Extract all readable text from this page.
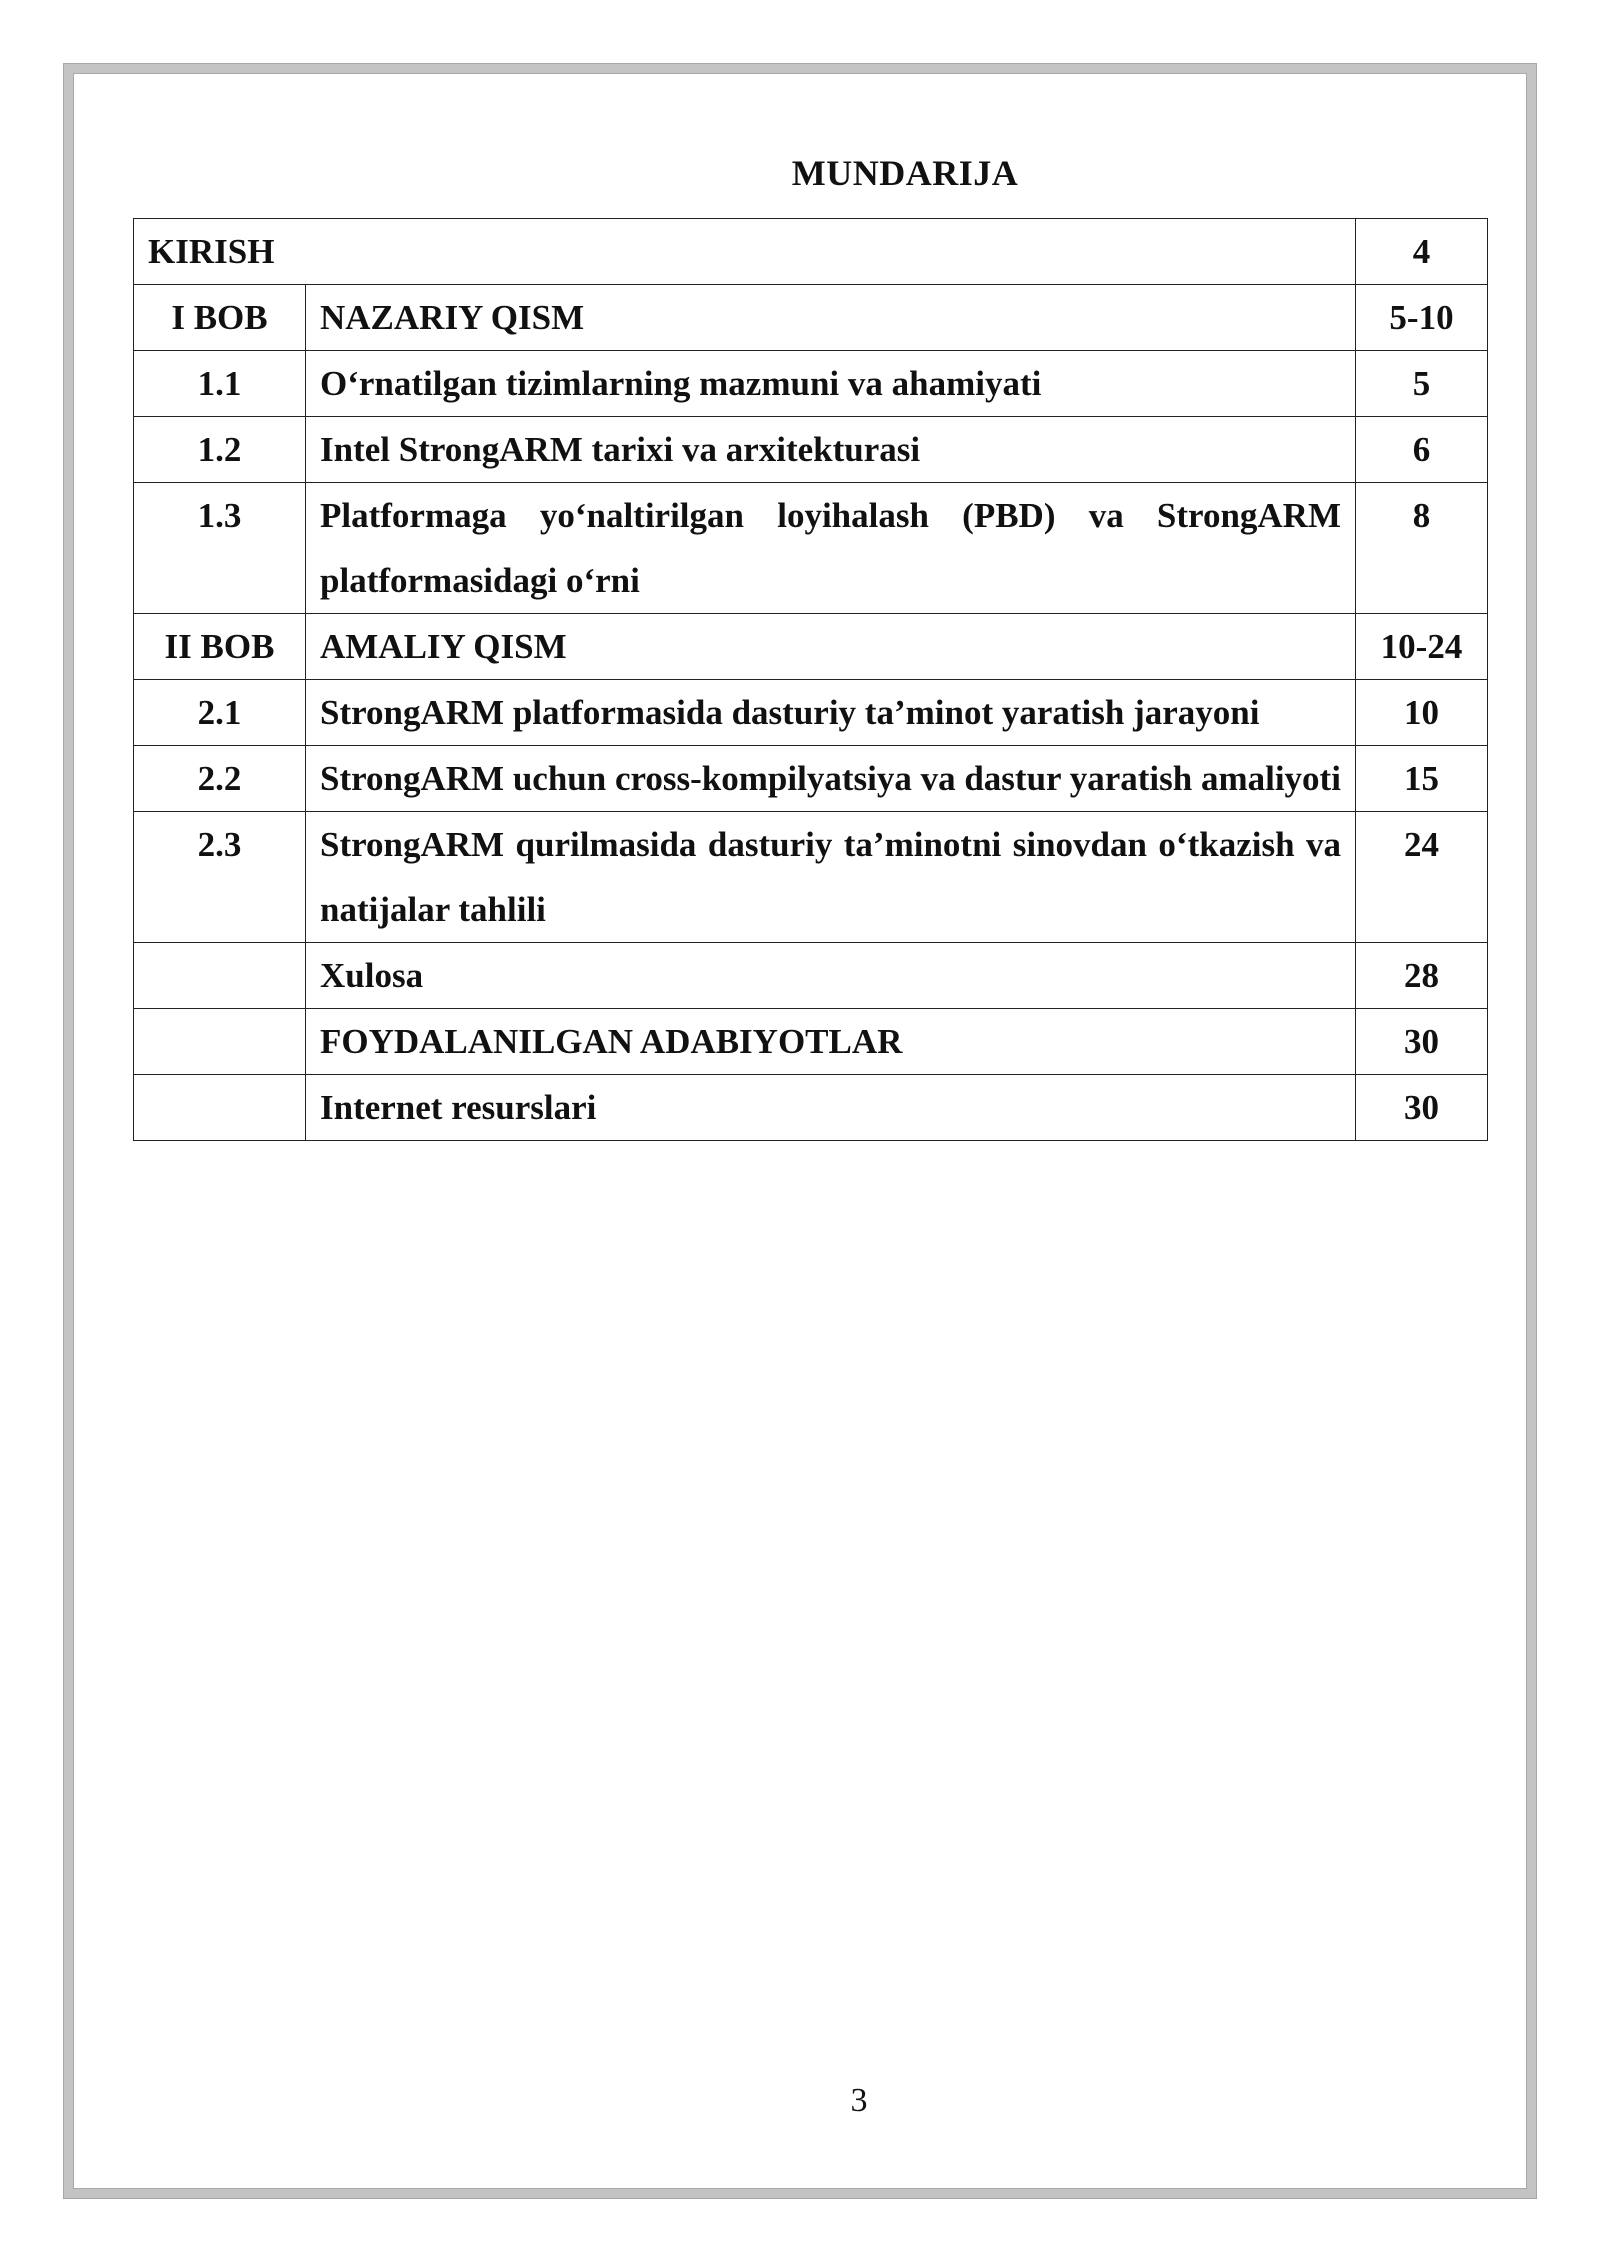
MUNDARIJA
KIRISH		4
I BOB	NAZARIY QISM	5-10
1.1	O‘rnatilgan tizimlarning mazmuni va ahamiyati	5
1.2	Intel StrongARM tarixi va arxitekturasi	6
1.3	Platformaga yo‘naltirilgan loyihalash (PBD) va StrongARM platformasidagi o‘rni	8
II BOB	AMALIY QISM	10-24
2.1	StrongARM platformasida dasturiy ta’minot yaratish jarayoni	10
2.2	StrongARM uchun cross-kompilyatsiya va dastur yaratish amaliyoti	15
2.3	StrongARM qurilmasida dasturiy ta’minotni sinovdan o‘tkazish va natijalar tahlili	24
	Xulosa	28
	FOYDALANILGAN ADABIYOTLAR	30
	Internet resurslari	30
3
